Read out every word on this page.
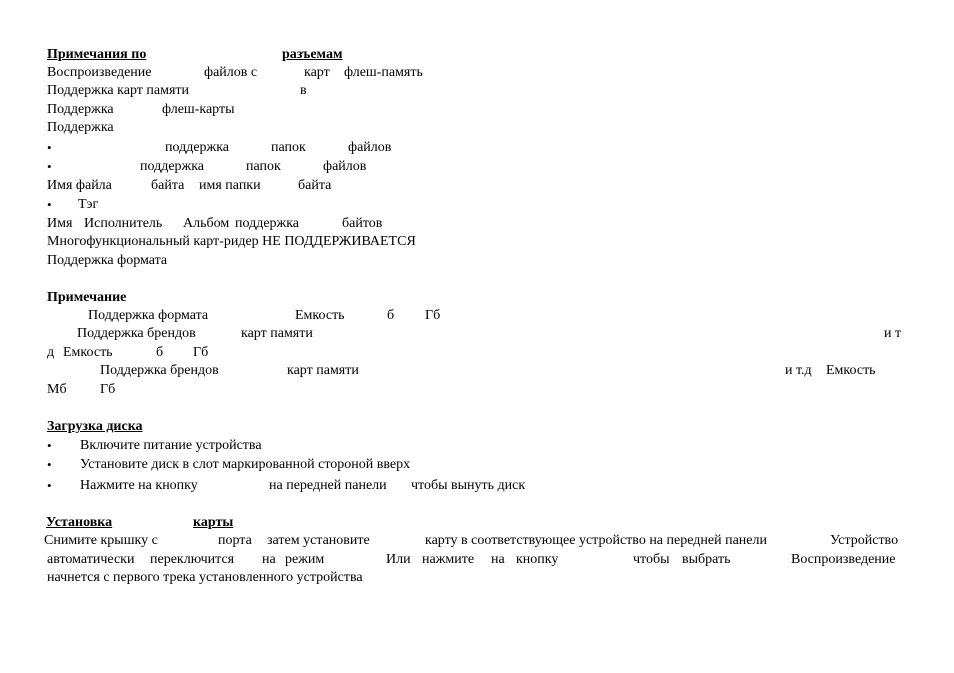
Примечания по	разъемам
Воспроизведение	файлов с	карт флеш-память
Поддержка карт памяти	в
Поддержка	флеш-карты
Поддержка
•	поддержка	папок	файлов
•	поддержка	папок	файлов
Имя файла	байта имя папки	байта
• Тэг
Имя Исполнитель Альбом поддержка	байтов
Многофункциональный карт-ридер НЕ ПОДДЕРЖИВАЕТСЯ
Поддержка формата
Примечание
Поддержка формата	Емкость	б Гб
Поддержка брендов	карт памяти	и т
д Емкость	б Гб
Поддержка брендов	карт памяти	и т.д Емкость
Мб Гб
Загрузка диска
• Включите питание устройства
• Установите диск в слот маркированной стороной вверх
• Нажмите на кнопку	на передней панели чтобы вынуть диск
Установка	карты
Снимите крышку с	порта затем установите	карту в соответствующее устройство на передней панели	Устройство
автоматически переключится на режим	Или нажмите на кнопку	чтобы выбрать	Воспроизведение
начнется с первого трека установленного устройства
